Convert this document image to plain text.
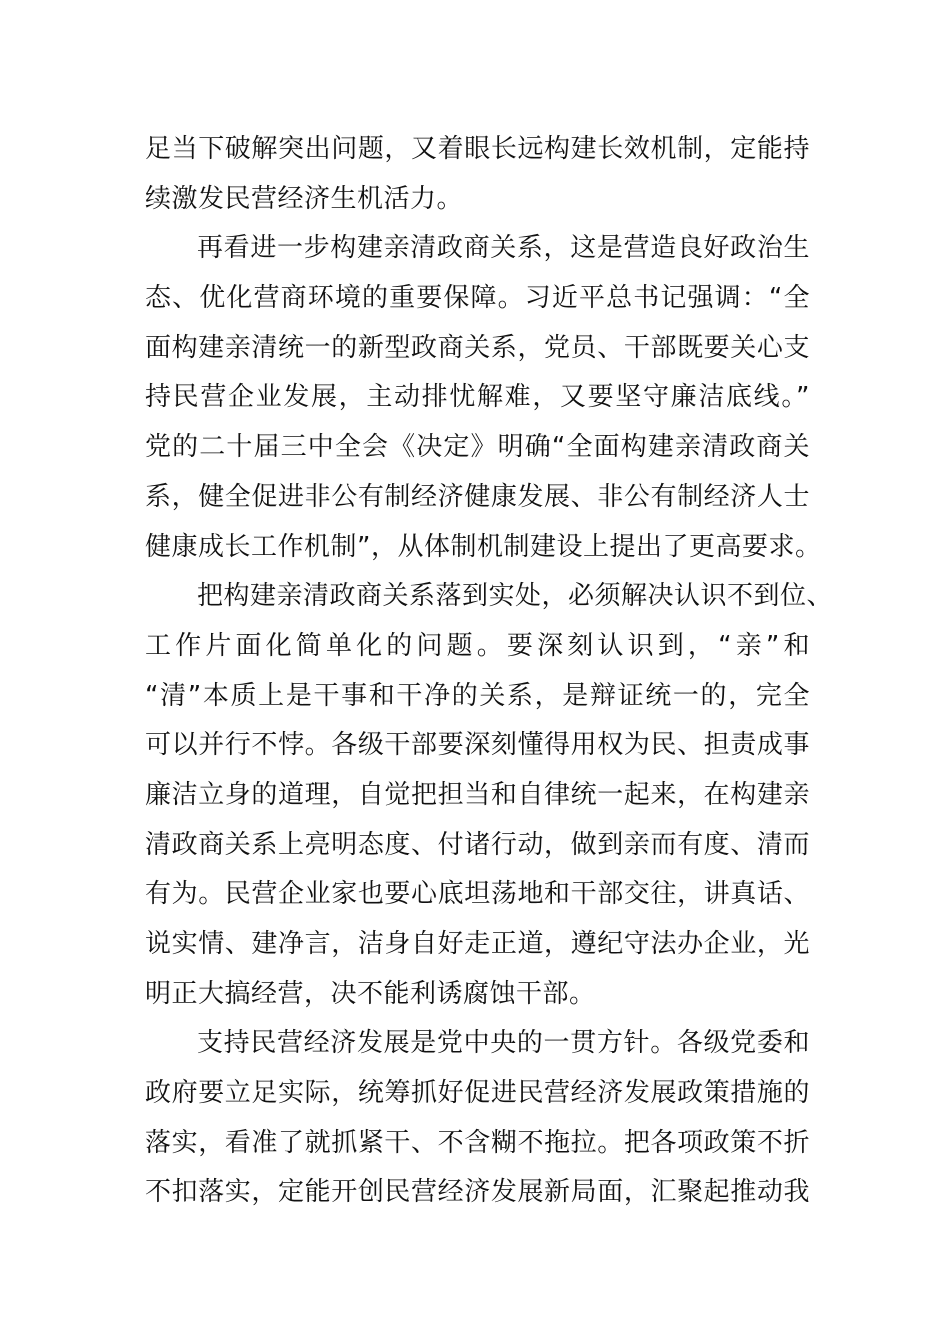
足当下破解突出问题，又着眼长远构建长效机制，定能持
续激发民营经济生机活力。
再看进一步构建亲清政商关系，这是营造良好政治生
态、优化营商环境的重要保障。习近平总书记强调：“全
面构建亲清统一的新型政商关系，党员、干部既要关心支
持民营企业发展，主动排忧解难，又要坚守廉洁底线。”
党的二十届三中全会《决定》明确“全面构建亲清政商关
系，健全促进非公有制经济健康发展、非公有制经济人士
健康成长工作机制”，从体制机制建设上提出了更高要求。
把构建亲清政商关系落到实处，必须解决认识不到位、
工作片面化简单化的问题。要深刻认识到，“亲”和
“清”本质上是干事和干净的关系，是辩证统一的，完全
可以并行不悖。各级干部要深刻懂得用权为民、担责成事
廉洁立身的道理，自觉把担当和自律统一起来，在构建亲
清政商关系上亮明态度、付诸行动，做到亲而有度、清而
有为。民营企业家也要心底坦荡地和干部交往，讲真话、
说实情、建净言，洁身自好走正道，遵纪守法办企业，光
明正大搞经营，决不能利诱腐蚀干部。
支持民营经济发展是党中央的一贯方针。各级党委和
政府要立足实际，统筹抓好促进民营经济发展政策措施的
落实，看准了就抓紧干、不含糊不拖拉。把各项政策不折
不扣落实，定能开创民营经济发展新局面，汇聚起推动我
